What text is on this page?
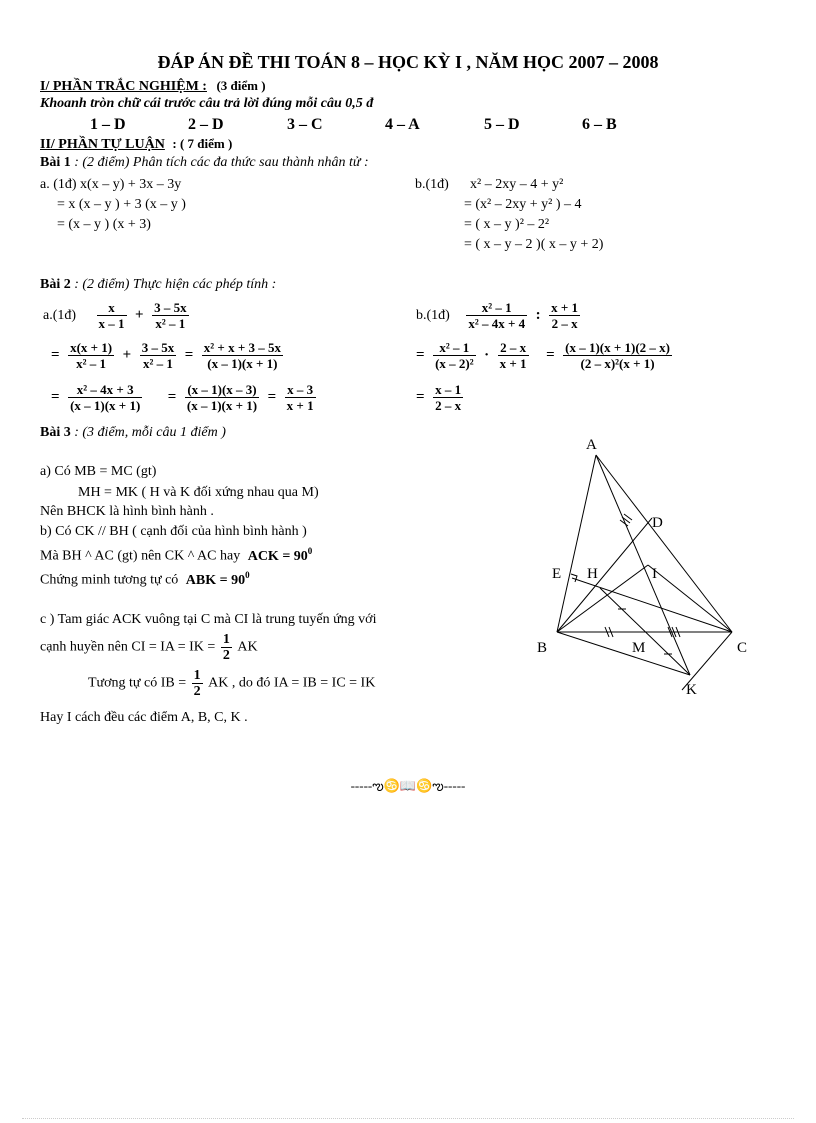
ĐÁP ÁN ĐỀ THI TOÁN 8 – HỌC KỲ I , NĂM HỌC 2007 – 2008
I/ PHẦN TRẮC NGHIỆM : (3 điểm )
Khoanh tròn chữ cái trước câu trả lời đúng mỗi câu 0,5 đ
1 – D	2 – D	3 – C	4 – A	5 – D	6 – B
II/ PHẦN TỰ LUẬN : ( 7 điểm )
Bài 1 : (2 điểm) Phân tích các đa thức sau thành nhân tử :
a. (1đ) x(x – y) + 3x – 3y
= x (x – y ) + 3 (x – y )
= (x – y ) (x + 3)
b.(1đ) x² – 2xy – 4 + y²
= (x² – 2xy + y² ) – 4
= ( x – y )² – 2²
= ( x – y – 2 )( x – y + 2)
Bài 2 : (2 điểm) Thực hiện các phép tính :
a.(1đ) $\frac{x}{x - 1} + \frac{3 - 5x}{\text{x² – 1}}$
= $\frac{x(x + 1)}{\text{x² – 1}} + \frac{3 - 5x}{\text{x² – 1}} = \frac{\text{x² + x + 3 – 5x}}{(x - 1)(x + 1)}$
= $\frac{\text{x² – 4x + 3}}{(x - 1)(x + 1)} = \frac{(x - 1)(x - 3)}{(x - 1)(x + 1)} = \frac{x - 3}{x + 1}$
b.(1đ) $\frac{\text{x² – 1}}{\text{x² – 4x + 4}}$ : $\frac{x + 1}{2 - x}$
= $\frac{\text{x² – 1}}{\text{(x – 2)²}} \cdot \frac{2 - x}{x + 1} = \frac{(x - 1)(x + 1)(2 - x)}{\text{(2 – x)²(x + 1)}}$
= $\frac{x - 1}{2 - x}$
Bài 3 : (3 điểm, mỗi câu 1 điểm )
a) Có MB = MC (gt)
MH = MK ( H và K đối xứng nhau qua M)
Nên BHCK là hình bình hành .
b) Có CK // BH ( cạnh đối của hình bình hành )
Mà BH ^ AC (gt) nên CK ^ AC hay ACK = $90^0$
Chứng minh tương tự có ABK = $90^0$
c ) Tam giác ACK vuông tại C mà CI là trung tuyến ứng với
cạnh huyền nên CI = IA = IK = $\frac{1}{2}$ AK
Tương tự có IB = $\frac{1}{2}$ AK , do đó IA = IB = IC = IK
Hay I cách đều các điểm A, B, C, K .
A
B	C
D
E H	I
M
K
-----ఌ♋📖♋ఌ-----
